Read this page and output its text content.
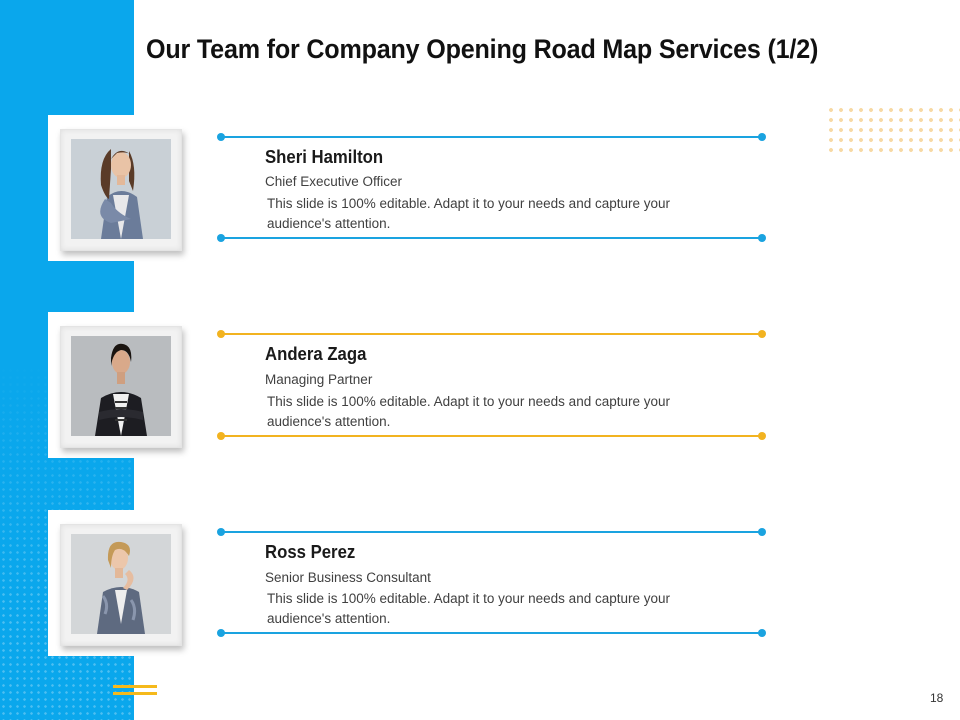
Our Team for Company Opening Road Map Services (1/2)
Sheri Hamilton
Chief Executive Officer
This slide is 100% editable. Adapt it to your needs and capture your audience's attention.
Andera Zaga
Managing Partner
This slide is 100% editable. Adapt it to your needs and capture your audience's attention.
Ross Perez
Senior Business Consultant
This slide is 100% editable. Adapt it to your needs and capture your audience's attention.
18
